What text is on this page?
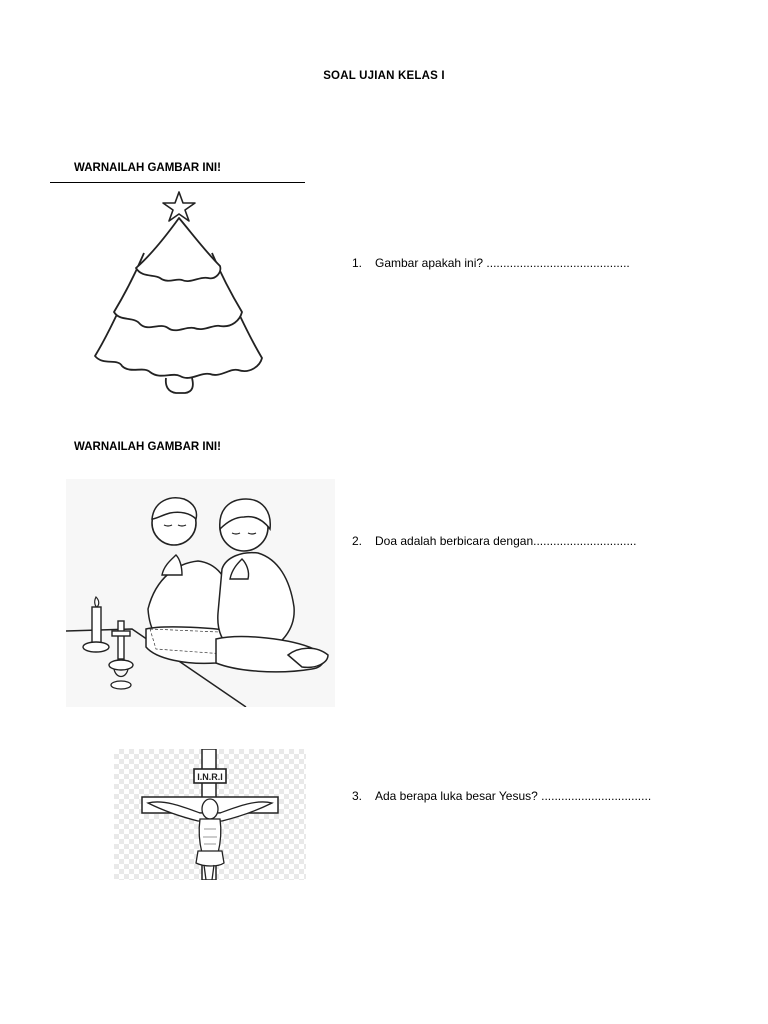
SOAL UJIAN KELAS I
WARNAILAH GAMBAR INI!
1. Gambar apakah ini? ...........................................
WARNAILAH GAMBAR INI!
2. Doa adalah berbicara dengan...............................
I.N.R.I
3. Ada berapa luka besar Yesus? .................................
